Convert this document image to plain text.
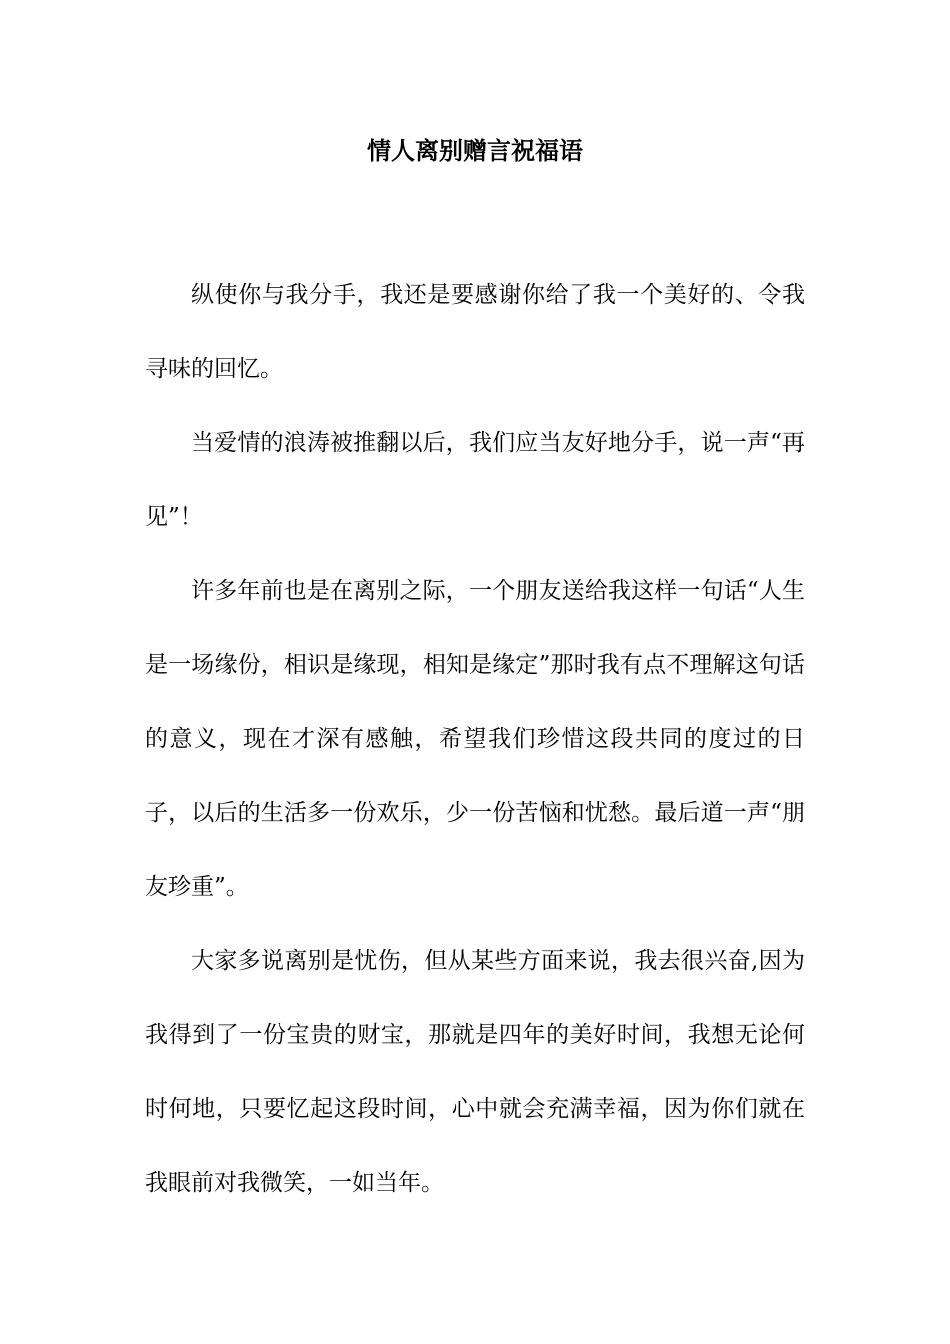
情人离别赠言祝福语

纵使你与我分手，我还是要感谢你给了我一个美好的、令我寻味的回忆。

当爱情的浪涛被推翻以后，我们应当友好地分手，说一声“再见”！

许多年前也是在离别之际，一个朋友送给我这样一句话“人生是一场缘份，相识是缘现，相知是缘定”那时我有点不理解这句话的意义，现在才深有感触，希望我们珍惜这段共同的度过的日子，以后的生活多一份欢乐，少一份苦恼和忧愁。最后道一声“朋友珍重”。

大家多说离别是忧伤，但从某些方面来说，我去很兴奋,因为我得到了一份宝贵的财宝，那就是四年的美好时间，我想无论何时何地，只要忆起这段时间，心中就会充满幸福，因为你们就在我眼前对我微笑，一如当年。
